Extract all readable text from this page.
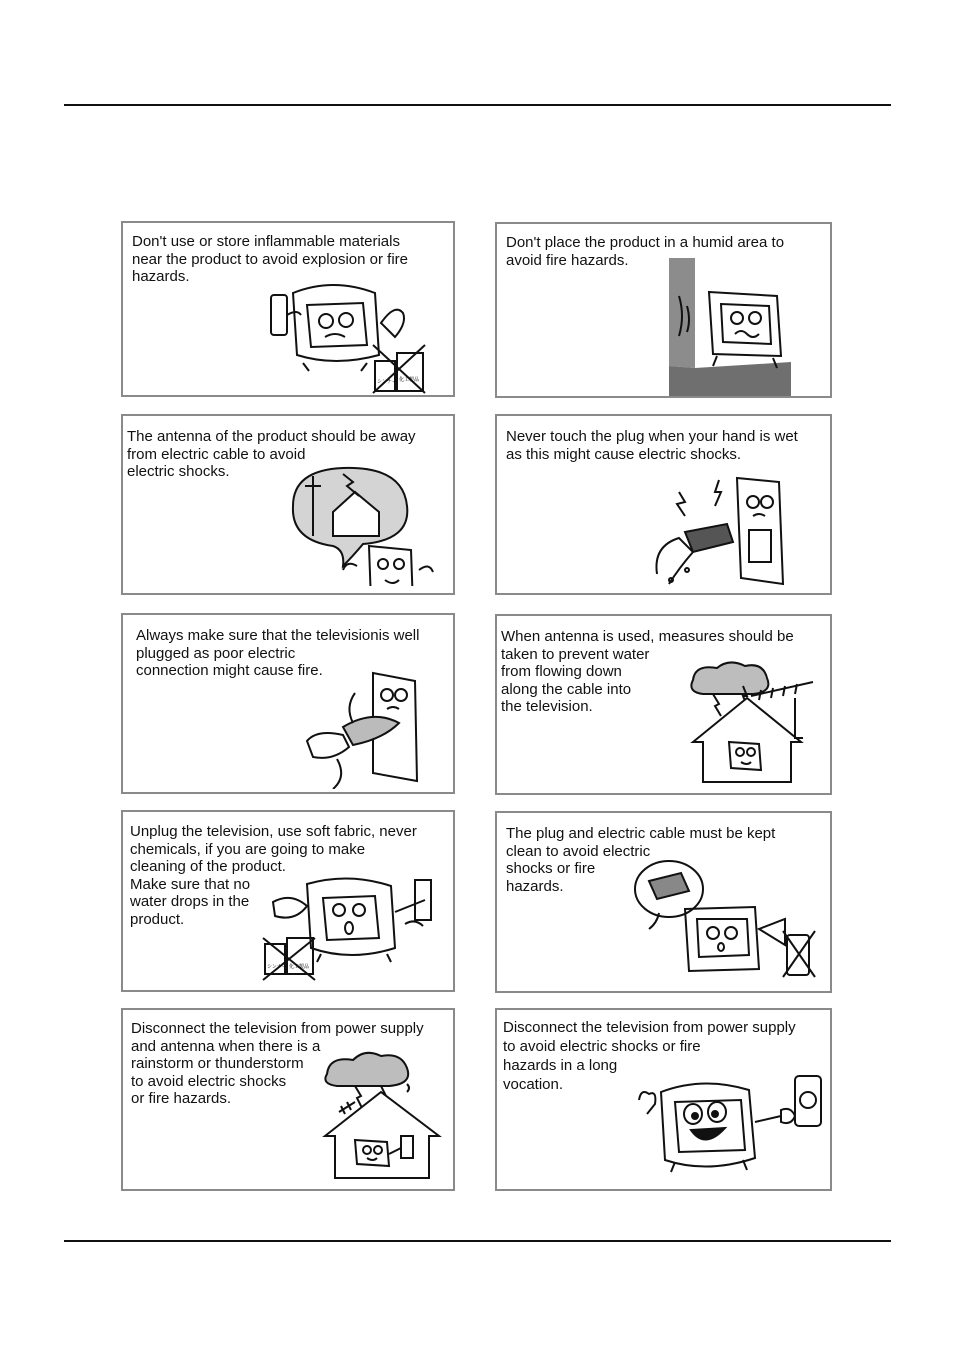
Don't use or store inflammable materials
near the product to avoid explosion or fire
hazards.
シンナー 化工製品
Don't place the product in a humid area to
avoid fire hazards.
The antenna of the product should be away
from electric cable to avoid
electric shocks.
Never touch the plug when your hand is wet
as this might cause electric shocks.
Always make sure that the televisionis well
plugged as poor electric
connection might cause fire.
When antenna is used, measures should be
taken to prevent water
from flowing down
along the cable into
the television.
Unplug the television, use soft fabric, never
chemicals, if you are going to make
cleaning of the product.
Make sure that no
water drops in the
product.
シンナー 化工製品
The plug and electric cable must be kept
clean to avoid electric
shocks or fire
hazards.
Disconnect the television from power supply
and antenna when there is a
rainstorm or thunderstorm
to avoid electric shocks
or fire hazards.
Disconnect the television from power supply
to avoid electric shocks or fire
hazards in a long
vocation.
